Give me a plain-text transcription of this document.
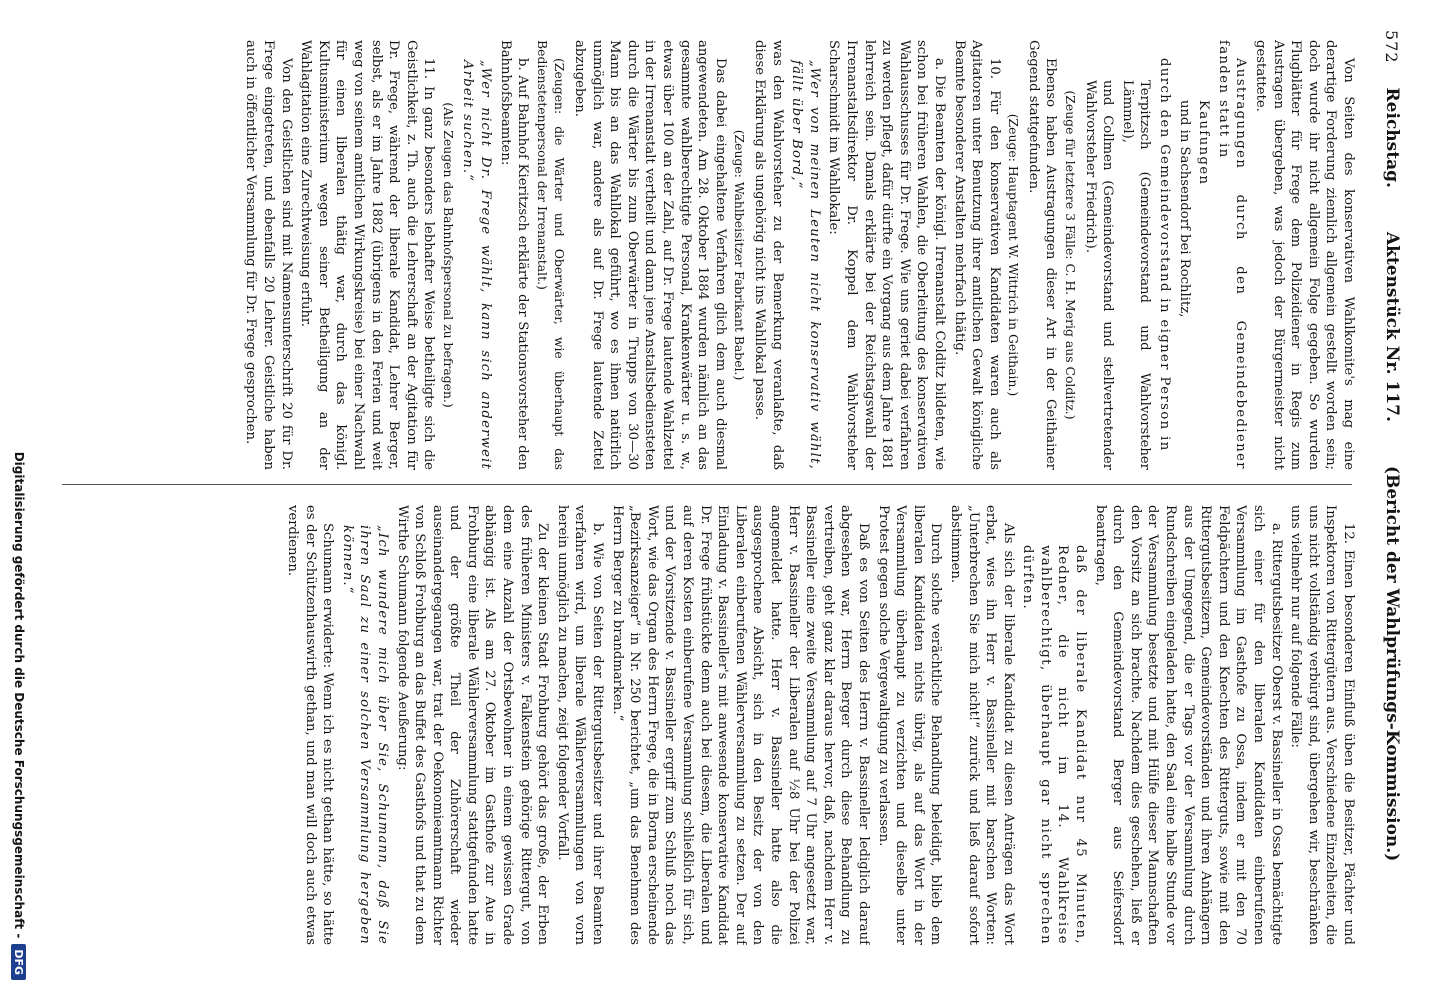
572
Reichstag.
Aktenstück Nr. 117.
(Bericht der Wahlprüfungs-Kommission.)

Von Seiten des konservativen Wahlkomite's mag eine derartige Forderung ziemlich allgemein gestellt worden sein; doch wurde ihr nicht allgemein Folge gegeben. So wurden Flugblätter für Frege dem Polizeidiener in Regis zum Austragen übergeben, was jedoch der Bürgermeister nicht gestattete.

Austragungen durch den Gemeindebediener fanden statt in

Kaufungen

und in Sachsendorf bei Rochlitz,

durch den Gemeindevorstand in eigner Person in

Terpitzsch (Gemeindevorstand und Wahlvorsteher Lämmel),

und Collmen (Gemeindevorstand und stellvertretender Wahlvorsteher Friedrich).

(Zeuge für letztere 3 Fälle: C. H. Merig aus Colditz.)

Ebenso haben Austragungen dieser Art in der Geithainer Gegend stattgefunden.

(Zeuge: Hauptagent W. Wittrich in Geithain.)

10. Für den konservativen Kandidaten waren auch als Agitatoren unter Benutzung ihrer amtlichen Gewalt königliche Beamte besonderer Anstalten mehrfach thätig.

a. Die Beamten der königl. Irrenanstalt Colditz bildeten, wie schon bei früheren Wahlen, die Oberleitung des konservativen Wahlausschusses für Dr. Frege. Wie uns geriet dabei verfahren zu werden pflegt, dafür dürfte ein Vorgang aus dem Jahre 1881 lehrreich sein. Damals erklärte bei der Reichstagswahl der Irrenanstaltsdirektor Dr. Koppel dem Wahlvorsteher Scharschmidt im Wahllokale:

„Wer von meinen Leuten nicht konservativ wählt, fällt über Bord,“

was den Wahlvorsteher zu der Bemerkung veranlaßte, daß diese Erklärung als ungehörig nicht ins Wahllokal passe.

(Zeuge: Wahlbeisitzer Fabrikant Babel.)

Das dabei eingehaltene Verfahren glich dem auch diesmal angewendeten. Am 28. Oktober 1884 wurden nämlich an das gesammte wahlberechtigte Personal, Krankenwärter u. s. w., etwas über 100 an der Zahl, auf Dr. Frege lautende Wahlzettel in der Irrenanstalt vertheilt und dann jene Anstaltsbediensteten durch die Wärter bis zum Oberwärter in Trupps von 30—30 Mann bis an das Wahllokal geführt, wo es ihnen natürlich unmöglich war, andere als auf Dr. Frege lautende Zettel abzugeben.

(Zeugen: die Wärter und Oberwärter, wie überhaupt das Bedienstetenpersonal der Irrenanstalt.)

b. Auf Bahnhof Kieritzsch erklärte der Stationsvorsteher den Bahnhofsbeamten:

„Wer nicht Dr. Frege wählt, kann sich anderweit Arbeit suchen.“

(Als Zeugen das Bahnhofspersonal zu befragen.)

11. In ganz besonders lebhafter Weise betheiligte sich die Geistlichkeit, z. Th. auch die Lehrerschaft an der Agitation für Dr. Frege, während der liberale Kandidat, Lehrer Berger, selbst, als er im Jahre 1882 (übrigens in den Ferien und weit weg von seinem amtlichen Wirkungskreise) bei einer Nachwahl für einen liberalen thätig war, durch das königl. Kultusministerium wegen seiner Betheiligung an der Wahlagitation eine Zurechtweisung erfuhr.

Von den Geistlichen sind mit Namensunterschrift 20 für Dr. Frege eingetreten, und ebenfalls 20 Lehrer. Geistliche haben auch in öffentlicher Versammlung für Dr. Frege gesprochen.

12. Einen besonderen Einfluß üben die Besitzer, Pächter und Inspektoren von Rittergütern aus. Verschiedene Einzelheiten, die uns nicht vollständig verbürgt sind, übergehen wir, beschränken uns vielmehr nur auf folgende Fälle:

a. Rittergutsbesitzer Oberst v. Bassineller in Ossa bemächtigte sich einer für den liberalen Kandidaten einberufenen Versammlung im Gasthofe zu Ossa, indem er mit den 70 Feldpächtern und den Knechten des Ritterguts, sowie mit den Rittergutsbesitzern, Gemeindevorständen und ihren Anhängern aus der Umgegend, die er Tags vor der Versammlung durch Rundschreiben eingeladen hatte, den Saal eine halbe Stunde vor der Versammlung besetzte und mit Hülfe dieser Mannschaften den Vorsitz an sich brachte. Nachdem dies geschehen, ließ er durch den Gemeindevorstand Berger aus Seifersdorf beantragen,

daß der liberale Kandidat nur 45 Minuten, Redner, die nicht im 14. Wahlkreise wahlberechtigt, überhaupt gar nicht sprechen dürften.

Als sich der liberale Kandidat zu diesen Anträgen das Wort erbat, wies ihn Herr v. Bassineller mit barschen Worten: „Unterbrechen Sie mich nicht!“ zurück und ließ darauf sofort abstimmen.

Durch solche verächtliche Behandlung beleidigt, blieb dem liberalen Kandidaten nichts übrig, als auf das Wort in der Versammlung überhaupt zu verzichten und dieselbe unter Protest gegen solche Vergewaltigung zu verlassen.

Daß es von Seiten des Herrn v. Bassineller lediglich darauf abgesehen war, Herrn Berger durch diese Behandlung zu vertreiben, geht ganz klar daraus hervor, daß, nachdem Herr v. Bassineller eine zweite Versammlung auf 7 Uhr angesetzt war, Herr v. Bassineller der Liberalen auf ½8 Uhr bei der Polizei angemeldet hatte. Herr v. Bassineller hatte also die ausgesprochene Absicht, sich in den Besitz der von den Liberalen einberufenen Wählerversammlung zu setzen. Der auf Einladung v. Bassineller's mit anwesende konservative Kandidat Dr. Frege frühstückte denn auch bei diesem, die Liberalen und auf deren Kosten einberufene Versammlung schließlich für sich, und der Vorsitzende v. Bassineller ergriff zum Schluß noch das Wort, wie das Organ des Herrn Frege, die in Borna erscheinende „Bezirksanzeiger“ in Nr. 250 berichtet, „um das Benehmen des Herrn Berger zu brandmarken.“

b. Wie von Seiten der Rittergutsbesitzer und ihrer Beamten verfahren wird, um liberale Wählerversammlungen von vorn herein unmöglich zu machen, zeigt folgender Vorfall.

Zu der kleinen Stadt Frohburg gehört das große, der Erben des früheren Ministers v. Falkenstein gehörige Rittergut, von dem eine Anzahl der Ortsbewohner in einem gewissen Grade abhängig ist. Als am 27. Oktober im Gasthofe zur Aue in Frohburg eine liberale Wählerversammlung stattgefunden hatte und der größte Theil der Zuhörerschaft wieder auseinandergegangen war, trat der Oekonomieamtmann Richter von Schloß Frohburg an das Buffet des Gasthofs und that zu dem Wirthe Schumann folgende Aeußerung:

„Ich wundere mich über Sie, Schumann, daß Sie ihren Saal zu einer solchen Versammlung hergeben können.“

Schumann erwiderte: Wenn ich es nicht gethan hätte, so hätte es der Schützenhauswirth gethan, und man will doch auch etwas verdienen.

Digitalisierung gefördert durch die Deutsche Forschungsgemeinschaft -
DFG
